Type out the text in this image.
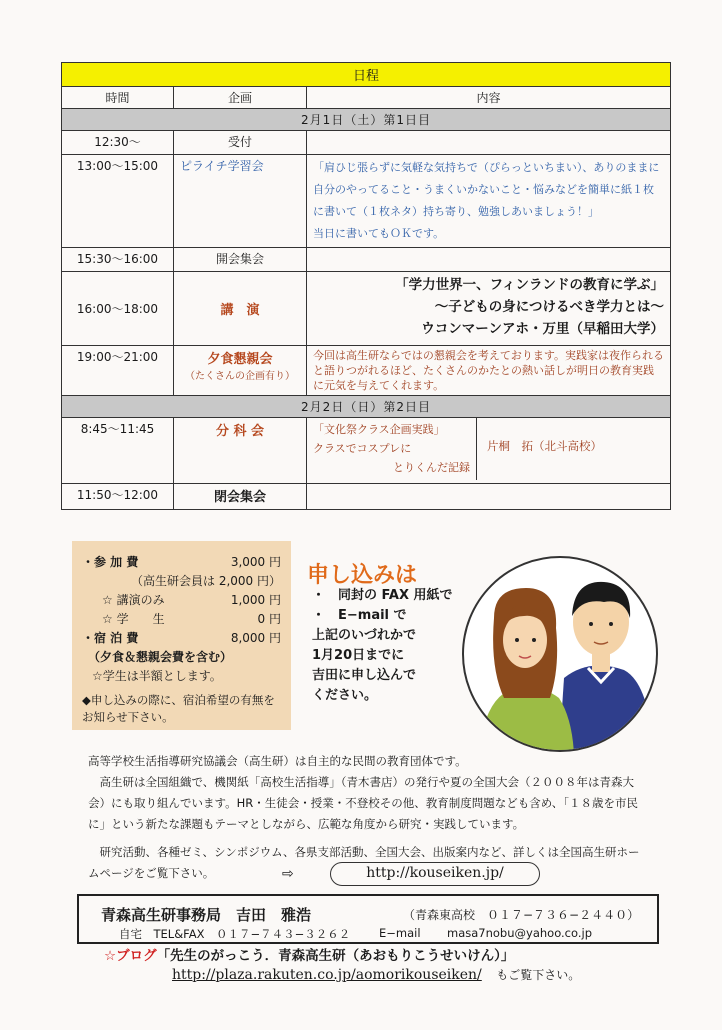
日程		
時間	企画	内容
2月1日（土）第1日目		
12:30〜	受付	
13:00〜15:00	ピライチ学習会	「肩ひじ張らずに気軽な気持ちで（ぴらっといちまい）、ありのままに自分のやってること・うまくいかないこと・悩みなどを簡単に紙１枚に書いて（１枚ネタ）持ち寄り、勉強しあいましょう！」
当日に書いてもＯＫです。
15:30〜16:00	開会集会	
16:00〜18:00	講　演	「学力世界一、フィンランドの教育に学ぶ」
〜子どもの身につけるべき学力とは〜
ウコンマーンアホ・万里（早稲田大学）

19:00〜21:00	夕食懇親会
（たくさんの企画有り）	今回は高生研ならではの懇親会を考えております。実践家は夜作られると語りつがれるほど、たくさんのかたとの熱い話しが明日の教育実践に元気を与えてくれます。
2月2日（日）第2日目		
8:45〜11:45	分 科 会	「文化祭クラス企画実践」
クラスでコスプレに
とりくんだ記録
片桐　拓（北斗高校）

11:50〜12:00	閉会集会	
・参 加 費	3,000 円
（高生研会員は 2,000 円）
☆ 講演のみ	1,000 円
☆ 学　　生	0 円
・宿 泊 費	8,000 円
（夕食＆懇親会費を含む）
☆学生は半額とします。
◆申し込みの際に、宿泊希望の有無をお知らせ下さい。
申し込みは
・　同封の FAX 用紙で
・　E−mail で
上記のいづれかで
1月20日までに
吉田に申し込んで
ください。
高等学校生活指導研究協議会（高生研）は自主的な民間の教育団体です。
高生研は全国組織で、機関紙「高校生活指導」（青木書店）の発行や夏の全国大会（２００８年は青森大会）にも取り組んでいます。HR・生徒会・授業・不登校その他、教育制度問題なども含め、「１８歳を市民に」という新たな課題もテーマとしながら、広範な角度から研究・実践しています。
研究活動、各種ゼミ、シンポジウム、各県支部活動、全国大会、出版案内など、詳しくは全国高生研ホームページをご覧下さい。	⇨	http://kouseiken.jp/
青森高生研事務局　吉田　雅浩	（青森東高校　０１７−７３６−２４４０）
自宅　TEL&FAX　０１７−７４３−３２６２	E−mail masa7nobu@yahoo.co.jp
☆ブログ「先生のがっこう．青森高生研（あおもりこうせいけん）」
http://plaza.rakuten.co.jp/aomorikouseiken/ もご覧下さい。
